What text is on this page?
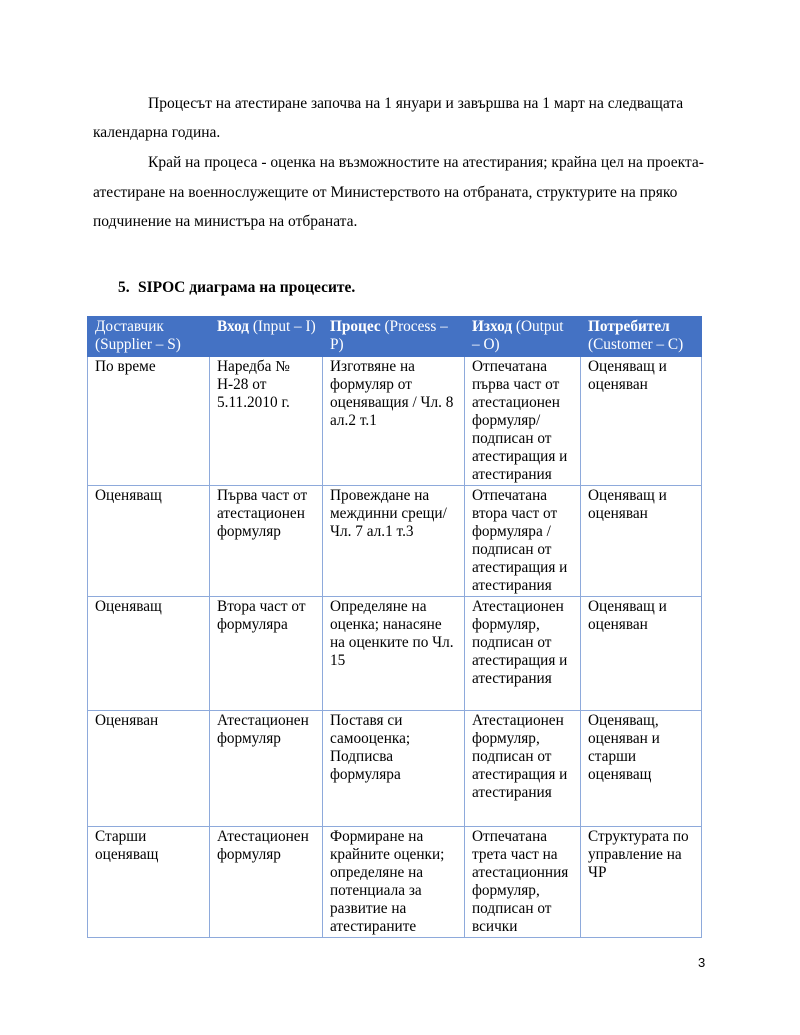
Процесът на атестиране започва на 1 януари и завършва на 1 март на следващата календарна година.

Край на процеса - оценка на възможностите на атестирания; крайна цел на проекта- атестиране на военнослужещите от Министерството на отбраната, структурите на пряко подчинение на министъра на отбраната.

5. SIPOC диаграма на процесите.
Доставчик (Supplier – S)	Вход (Input – I)	Процес (Process – P)	Изход (Output – O)	Потребител (Customer – C)
По време	Наредба № Н-28 от 5.11.2010 г.	Изготвяне на формуляр от оценяващия / Чл. 8 ал.2 т.1	Отпечатана първа част от атестационен формуляр/ подписан от атестиращия и атестирания	Оценяващ и оценяван
Оценяващ	Първа част от атестационен формуляр	Провеждане на междинни срещи/ Чл. 7 ал.1 т.3	Отпечатана втора част от формуляра / подписан от атестиращия и атестирания	Оценяващ и оценяван
Оценяващ	Втора част от формуляра	Определяне на оценка; нанасяне на оценките по Чл. 15	Атестационен формуляр, подписан от атестиращия и атестирания	Оценяващ и оценяван
Оценяван	Атестационен формуляр	Поставя си самооценка; Подписва формуляра	Атестационен формуляр, подписан от атестиращия и атестирания	Оценяващ, оценяван и старши оценяващ
Старши оценяващ	Атестационен формуляр	Формиране на крайните оценки; определяне на потенциала за развитие на атестираните	Отпечатана трета част на атестационния формуляр, подписан от всички	Структурата по управление на ЧР
3
